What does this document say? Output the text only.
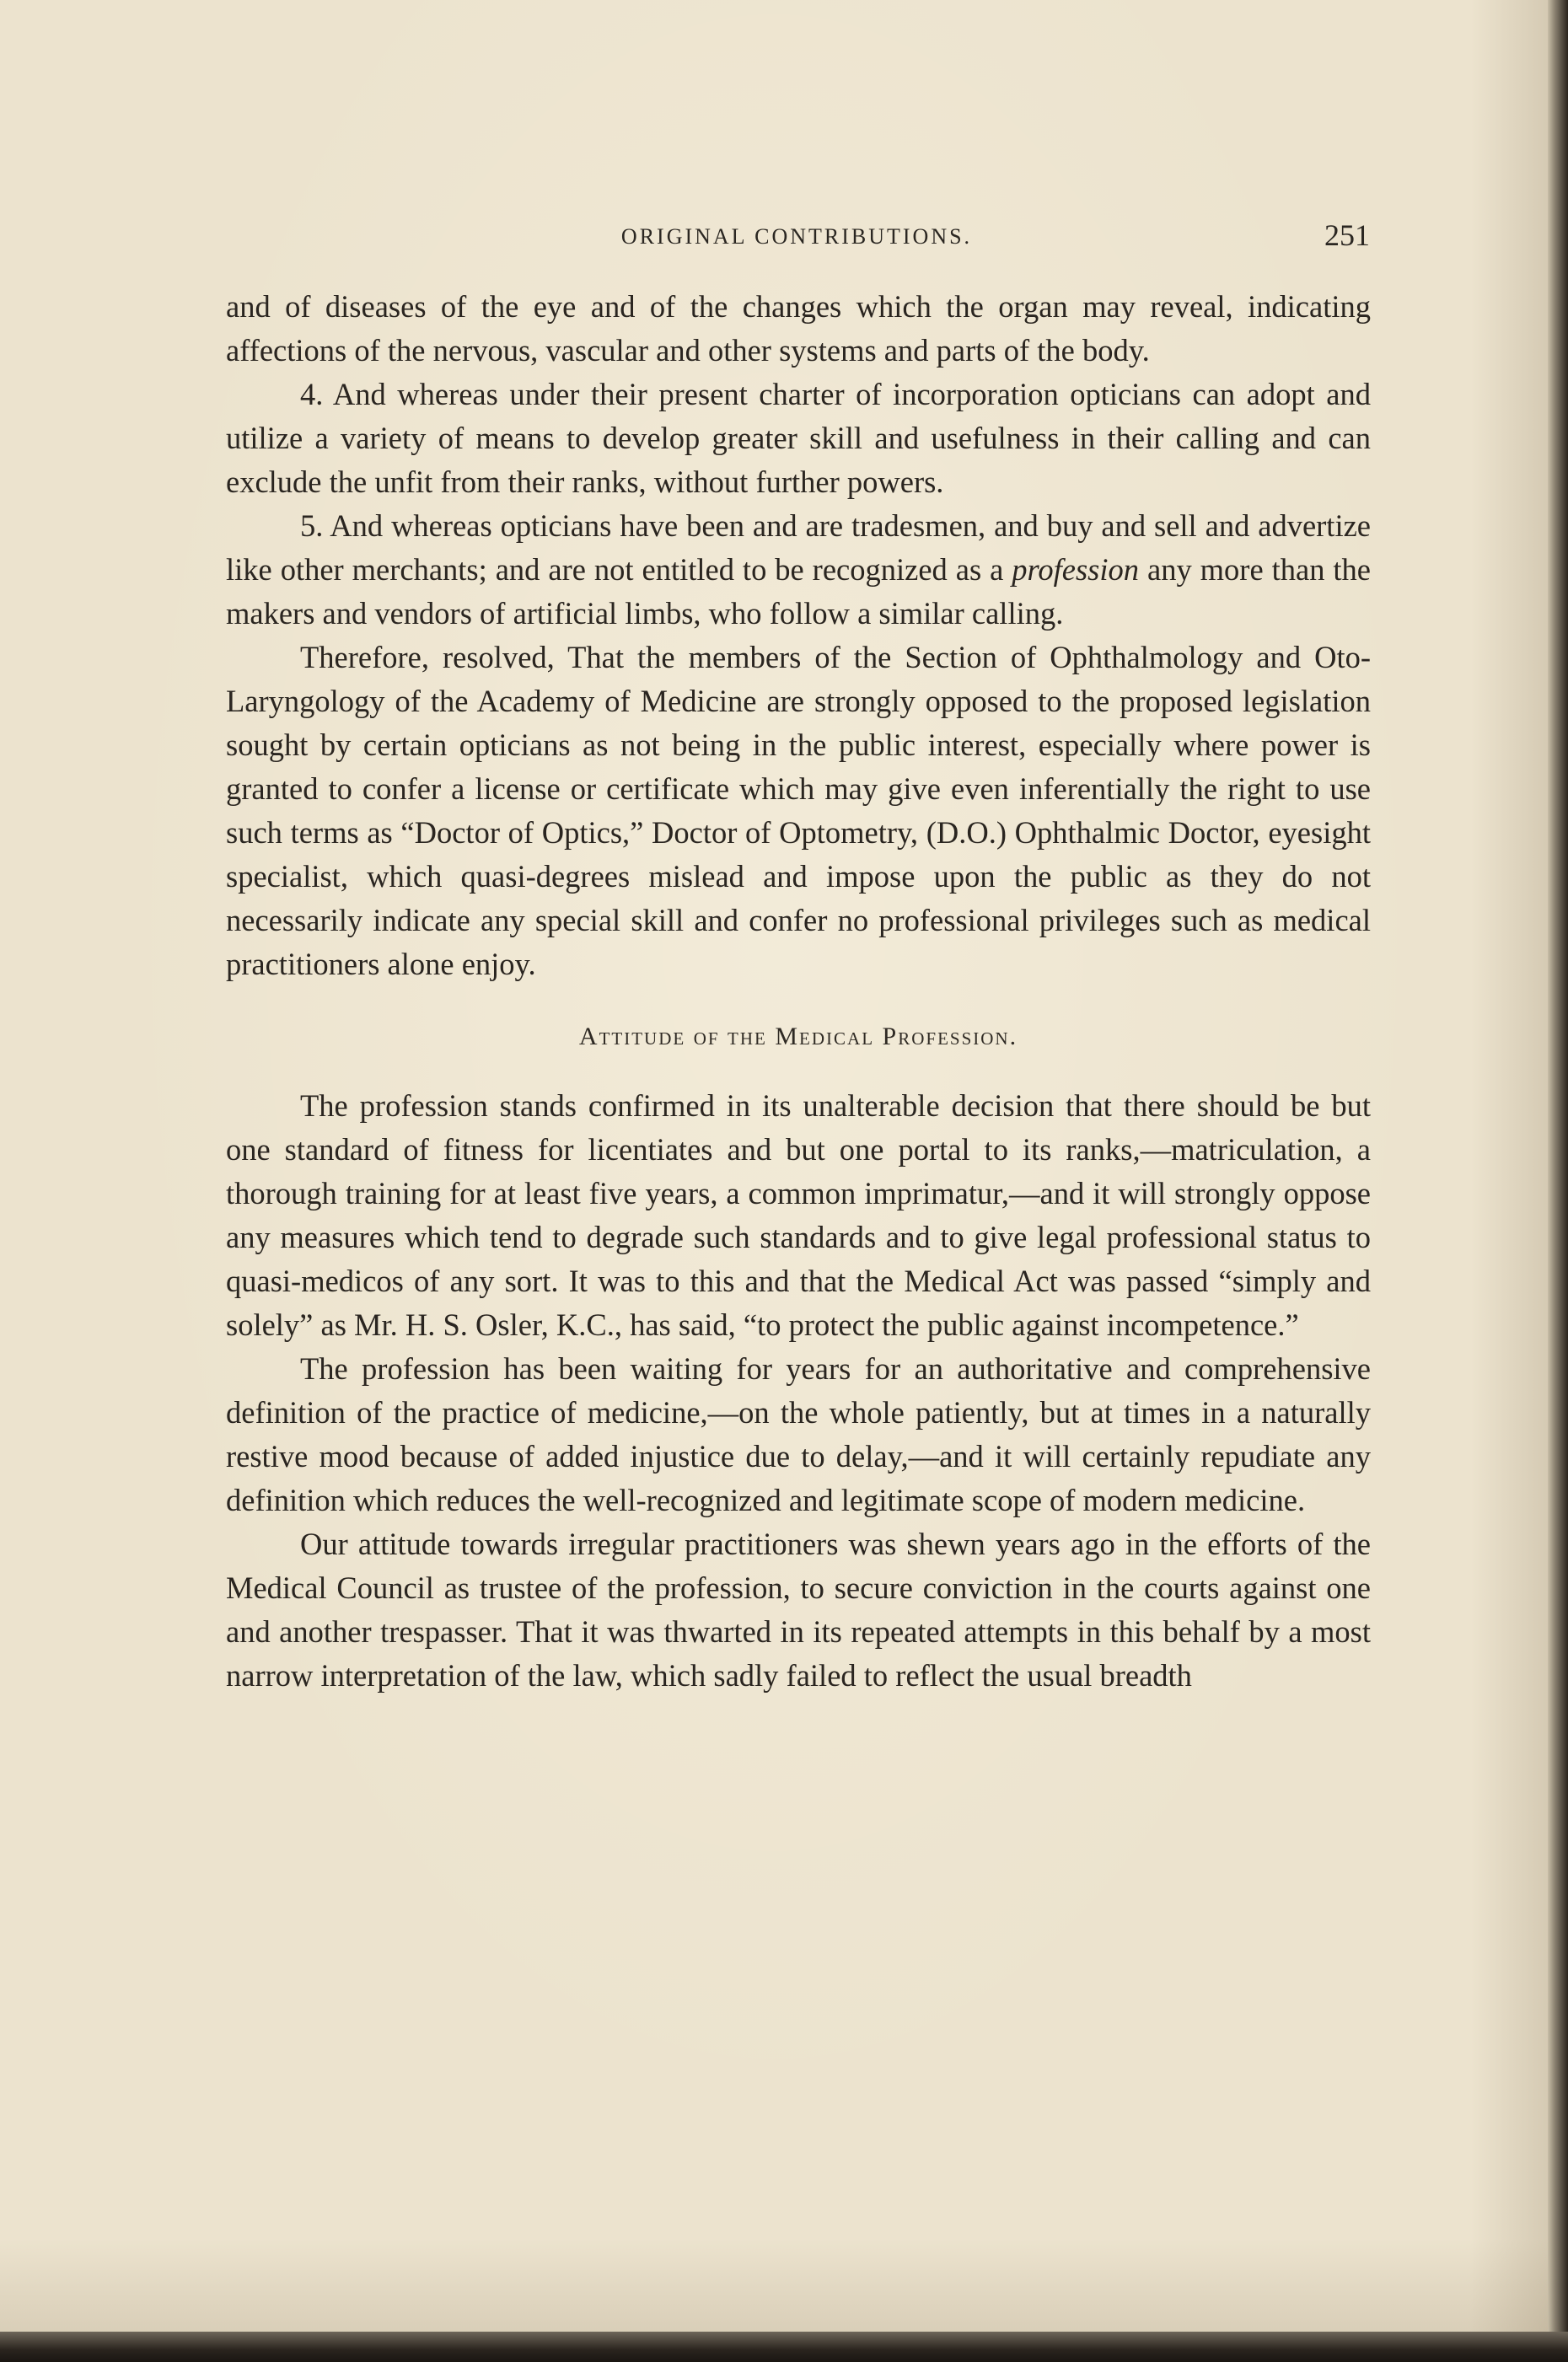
ORIGINAL CONTRIBUTIONS.	251

and of diseases of the eye and of the changes which the organ may reveal, indicating affections of the nervous, vascular and other systems and parts of the body.

4. And whereas under their present charter of incorporation opticians can adopt and utilize a variety of means to develop greater skill and usefulness in their calling and can exclude the unfit from their ranks, without further powers.

5. And whereas opticians have been and are tradesmen, and buy and sell and advertize like other merchants; and are not entitled to be recognized as a profession any more than the makers and vendors of artificial limbs, who follow a similar calling.

Therefore, resolved, That the members of the Section of Ophthalmology and Oto-Laryngology of the Academy of Medicine are strongly opposed to the proposed legislation sought by certain opticians as not being in the public interest, especially where power is granted to confer a license or certificate which may give even inferentially the right to use such terms as “Doctor of Optics,” Doctor of Optometry, (D.O.) Ophthalmic Doctor, eyesight specialist, which quasi-degrees mislead and impose upon the public as they do not necessarily indicate any special skill and confer no professional privileges such as medical practitioners alone enjoy.

Attitude of the Medical Profession.

The profession stands confirmed in its unalterable decision that there should be but one standard of fitness for licentiates and but one portal to its ranks,—matriculation, a thorough training for at least five years, a common imprimatur,—and it will strongly oppose any measures which tend to degrade such standards and to give legal professional status to quasi-medicos of any sort. It was to this and that the Medical Act was passed “simply and solely” as Mr. H. S. Osler, K.C., has said, “to protect the public against incompetence.”

The profession has been waiting for years for an authoritative and comprehensive definition of the practice of medicine,—on the whole patiently, but at times in a naturally restive mood because of added injustice due to delay,—and it will certainly repudiate any definition which reduces the well-recognized and legitimate scope of modern medicine.

Our attitude towards irregular practitioners was shewn years ago in the efforts of the Medical Council as trustee of the profession, to secure conviction in the courts against one and another trespasser. That it was thwarted in its repeated attempts in this behalf by a most narrow interpretation of the law, which sadly failed to reflect the usual breadth
